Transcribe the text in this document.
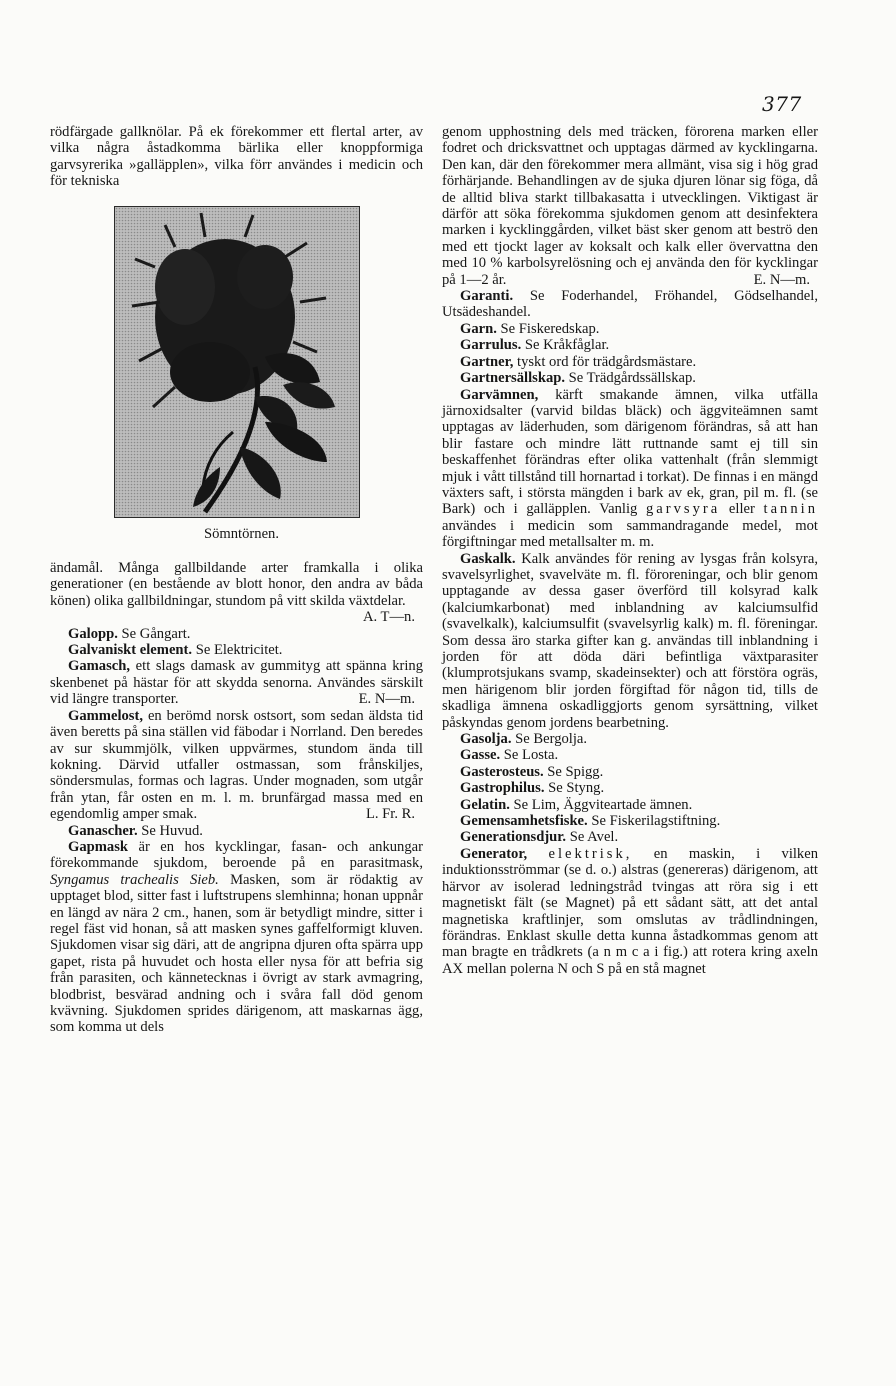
377

rödfärgade gallknölar. På ek förekommer ett flertal arter, av vilka några åstadkomma bärlika eller knoppformiga garvsyrerika »galläpplen», vilka förr användes i medicin och för tekniska

Sömntörnen.

ändamål. Många gallbildande arter framkalla i olika generationer (en bestående av blott honor, den andra av båda könen) olika gallbildningar, stundom på vitt skilda växtdelar.
A. T—n.

Galopp. Se Gångart.

Galvaniskt element. Se Elektricitet.

Gamasch, ett slags damask av gummityg att spänna kring skenbenet på hästar för att skydda senorna. Användes särskilt vid längre transporter.	E. N—m.

Gammelost, en berömd norsk ostsort, som sedan äldsta tid även beretts på sina ställen vid fäbodar i Norrland. Den beredes av sur skummjölk, vilken uppvärmes, stundom ända till kokning. Därvid utfaller ostmassan, som frånskiljes, söndersmulas, formas och lagras. Under mognaden, som utgår från ytan, får osten en m. l. m. brunfärgad massa med en egendomlig amper smak.	L. Fr. R.

Ganascher. Se Huvud.

Gapmask är en hos kycklingar, fasan- och ankungar förekommande sjukdom, beroende på en parasitmask, Syngamus trachealis Sieb. Masken, som är rödaktig av upptaget blod, sitter fast i luftstrupens slemhinna; honan uppnår en längd av nära 2 cm., hanen, som är betydligt mindre, sitter i regel fäst vid honan, så att masken synes gaffelformigt kluven. Sjukdomen visar sig däri, att de angripna djuren ofta spärra upp gapet, rista på huvudet och hosta eller nysa för att befria sig från parasiten, och kännetecknas i övrigt av stark avmagring, blodbrist, besvärad andning och i svåra fall död genom kvävning. Sjukdomen sprides därigenom, att maskarnas ägg, som komma ut dels

genom upphostning dels med träcken, förorena marken eller fodret och dricksvattnet och upptagas därmed av kycklingarna. Den kan, där den förekommer mera allmänt, visa sig i hög grad förhärjande. Behandlingen av de sjuka djuren lönar sig föga, då de alltid bliva starkt tillbakasatta i utvecklingen. Viktigast är därför att söka förekomma sjukdomen genom att desinfektera marken i kycklinggården, vilket bäst sker genom att beströ den med ett tjockt lager av koksalt och kalk eller övervattna den med 10 % karbolsyrelösning och ej använda den för kycklingar på 1—2 år.	E. N—m.

Garanti. Se Foderhandel, Fröhandel, Gödselhandel, Utsädeshandel.

Garn. Se Fiskeredskap.

Garrulus. Se Kråkfåglar.

Gartner, tyskt ord för trädgårdsmästare.

Gartnersällskap. Se Trädgårdssällskap.

Garvämnen, kärft smakande ämnen, vilka utfälla järnoxidsalter (varvid bildas bläck) och äggviteämnen samt upptagas av läderhuden, som därigenom förändras, så att han blir fastare och mindre lätt ruttnande samt ej till sin beskaffenhet förändras efter olika vattenhalt (från slemmigt mjuk i vått tillstånd till hornartad i torkat). De finnas i en mängd växters saft, i största mängden i bark av ek, gran, pil m. fl. (se Bark) och i galläpplen. Vanlig garvsyra eller tannin användes i medicin som sammandragande medel, mot förgiftningar med metallsalter m. m.

Gaskalk. Kalk användes för rening av lysgas från kolsyra, svavelsyrlighet, svavelväte m. fl. föroreningar, och blir genom upptagande av dessa gaser överförd till kolsyrad kalk (kalciumkarbonat) med inblandning av kalciumsulfid (svavelkalk), kalciumsulfit (svavelsyrlig kalk) m. fl. föreningar. Som dessa äro starka gifter kan g. användas till inblandning i jorden för att döda däri befintliga växtparasiter (klumprotsjukans svamp, skadeinsekter) och att förstöra ogräs, men härigenom blir jorden förgiftad för någon tid, tills de skadliga ämnena oskadliggjorts genom syrsättning, vilket påskyndas genom jordens bearbetning.

Gasolja. Se Bergolja.

Gasse. Se Losta.

Gasterosteus. Se Spigg.

Gastrophilus. Se Styng.

Gelatin. Se Lim, Äggviteartade ämnen.

Gemensamhetsfiske. Se Fiskerilagstiftning.

Generationsdjur. Se Avel.

Generator, elektrisk, en maskin, i vilken induktionsströmmar (se d. o.) alstras (genereras) därigenom, att härvor av isolerad ledningstråd tvingas att röra sig i ett magnetiskt fält (se Magnet) på ett sådant sätt, att det antal magnetiska kraftlinjer, som omslutas av trådlindningen, förändras. Enklast skulle detta kunna åstadkommas genom att man bragte en trådkrets (a n m c a i fig.) att rotera kring axeln AX mellan polerna N och S på en stå magnet
